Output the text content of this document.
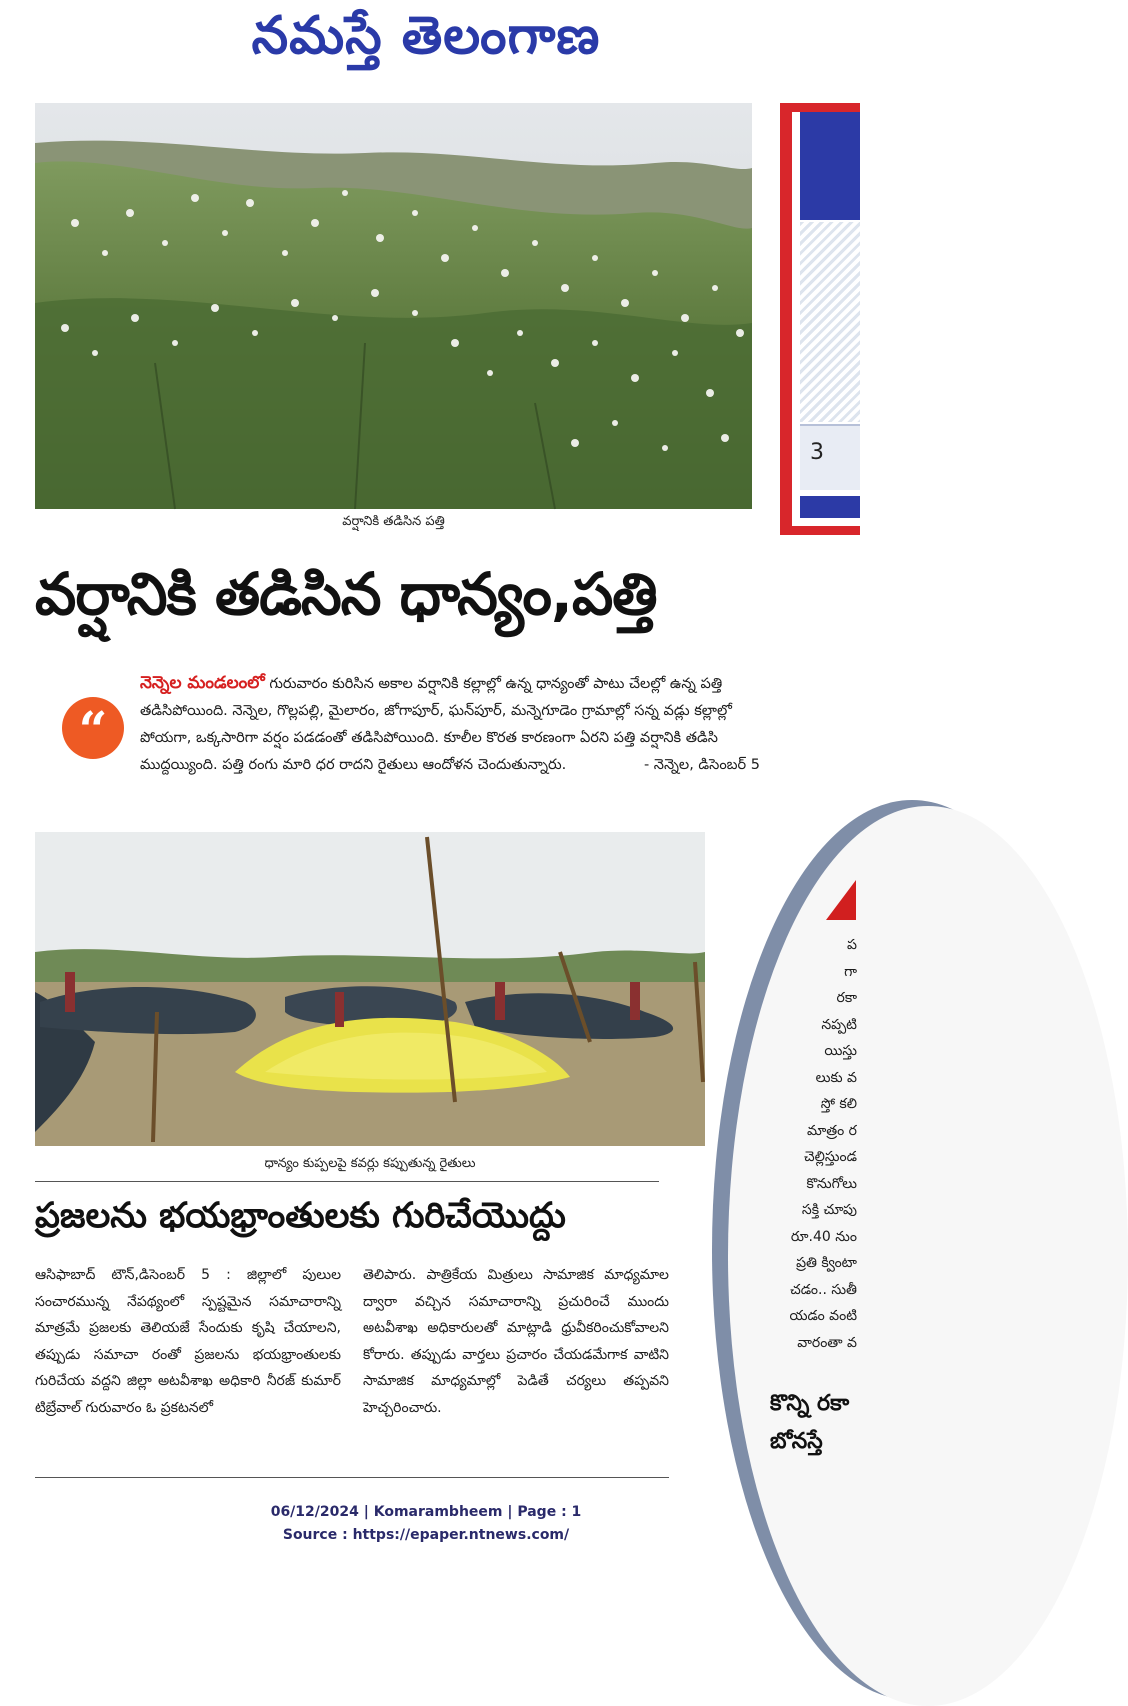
నమస్తే తెలంగాణ
వర్షానికి తడిసిన పత్తి
వర్షానికి తడిసిన ధాన్యం,పత్తి
“
నెన్నెల మండలంలో గురువారం కురిసిన అకాల వర్షానికి కల్లాల్లో ఉన్న ధాన్యంతో పాటు చేలల్లో ఉన్న పత్తి తడిసిపోయింది. నెన్నెల, గొల్లపల్లి, మైలారం, జోగాపూర్, ఘన్‌పూర్, మన్నెగూడెం గ్రామాల్లో సన్న వడ్లు కల్లాల్లో పోయగా, ఒక్కసారిగా వర్షం పడడంతో తడిసిపోయింది. కూలీల కొరత కారణంగా ఏరని పత్తి వర్షానికి తడిసి ముద్దయ్యింది. పత్తి రంగు మారి ధర రాదని రైతులు ఆందోళన చెందుతున్నారు.	- నెన్నెల, డిసెంబర్ 5
ధాన్యం కుప్పలపై కవర్లు కప్పుతున్న రైతులు
ప్రజలను భయభ్రాంతులకు గురిచేయొద్దు

ఆసిఫాబాద్ టౌన్,డిసెంబర్ 5 : జిల్లాలో పులుల సంచారమున్న నేపథ్యంలో స్పష్టమైన సమాచారాన్ని మాత్రమే ప్రజలకు తెలియజే సేందుకు కృషి చేయాలని, తప్పుడు సమాచా రంతో ప్రజలను భయభ్రాంతులకు గురిచేయ వద్దని జిల్లా అటవీశాఖ అధికారి నీరజ్ కుమార్ టిబ్రేవాల్ గురువారం ఓ ప్రకటనలో

తెలిపారు. పాత్రికేయ మిత్రులు సామాజిక మాధ్యమాల ద్వారా వచ్చిన సమాచారాన్ని ప్రచురించే ముందు అటవీశాఖ అధికారులతో మాట్లాడి ధ్రువీకరించుకోవాలని కోరారు. తప్పుడు వార్తలు ప్రచారం చేయడమేగాక వాటిని సామాజిక మాధ్యమాల్లో పెడితే చర్యలు తప్పవని హెచ్చరించారు.

3
ప
గా
రకా
నప్పటి
యిస్తు
లుకు వ
స్తో కలి
మాత్రం ర
చెల్లిస్తుండ
కొనుగోలు
సక్తి చూపు
రూ.40 నుం
ప్రతి క్వింటా
చడం.. సుతీ
యడం వంటి
వారంతా వ
కొన్ని రకా
బోనస్తే
06/12/2024 | Komarambheem | Page : 1
Source : https://epaper.ntnews.com/
